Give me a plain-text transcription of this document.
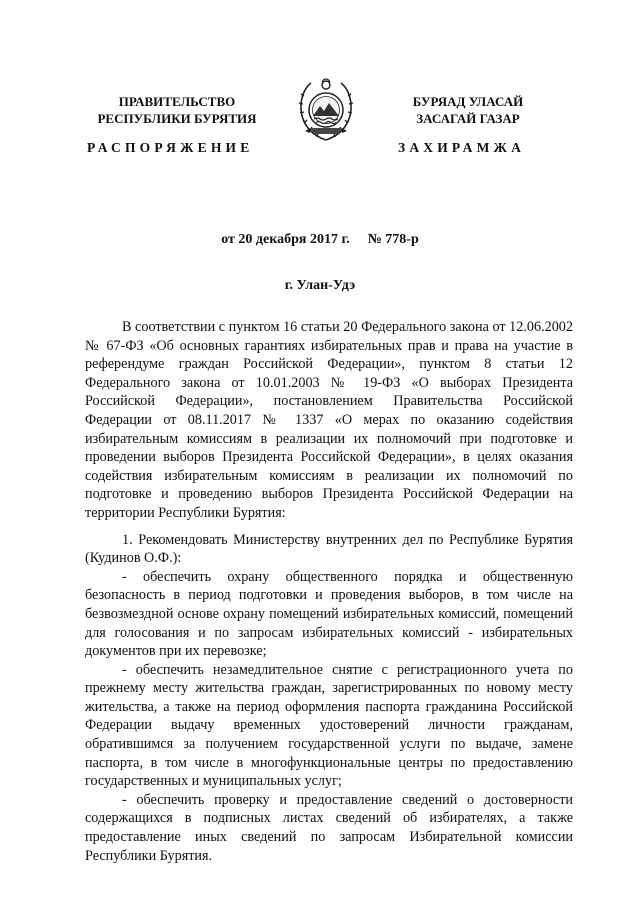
ПРАВИТЕЛЬСТВО
РЕСПУБЛИКИ БУРЯТИЯ
БУРЯАД УЛАСАЙ
ЗАСАГАЙ ГАЗАР
РАСПОРЯЖЕНИЕ	ЗАХИРАМЖА
от 20 декабря 2017 г. № 778-р
г. Улан-Удэ

В соответствии с пунктом 16 статьи 20 Федерального закона от 12.06.2002 № 67-ФЗ «Об основных гарантиях избирательных прав и права на участие в референдуме граждан Российской Федерации», пунктом 8 статьи 12 Федерального закона от 10.01.2003 № 19-ФЗ «О выборах Президента Российской Федерации», постановлением Правительства Российской Федерации от 08.11.2017 № 1337 «О мерах по оказанию содействия избирательным комиссиям в реализации их полномочий при подготовке и проведении выборов Президента Российской Федерации», в целях оказания содействия избирательным комиссиям в реализации их полномочий по подготовке и проведению выборов Президента Российской Федерации на территории Республики Бурятия:

1. Рекомендовать Министерству внутренних дел по Республике Бурятия (Кудинов О.Ф.):

- обеспечить охрану общественного порядка и общественную безопасность в период подготовки и проведения выборов, в том числе на безвозмездной основе охрану помещений избирательных комиссий, помещений для голосования и по запросам избирательных комиссий - избирательных документов при их перевозке;

- обеспечить незамедлительное снятие с регистрационного учета по прежнему месту жительства граждан, зарегистрированных по новому месту жительства, а также на период оформления паспорта гражданина Российской Федерации выдачу временных удостоверений личности гражданам, обратившимся за получением государственной услуги по выдаче, замене паспорта, в том числе в многофункциональные центры по предоставлению государственных и муниципальных услуг;

- обеспечить проверку и предоставление сведений о достоверности содержащихся в подписных листах сведений об избирателях, а также предоставление иных сведений по запросам Избирательной комиссии Республики Бурятия.
